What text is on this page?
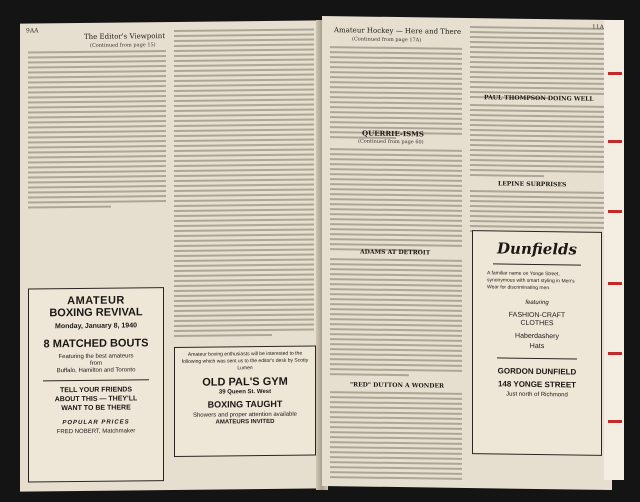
9AA
The Editor's Viewpoint
(Continued from page 15)
AMATEUR
BOXING REVIVAL
Monday, January 8, 1940
8 MATCHED BOUTS
Featuring the best amateurs
from
Buffalo, Hamilton and Toronto
TELL YOUR FRIENDS
ABOUT THIS — THEY'LL
WANT TO BE THERE
POPULAR PRICES
FRED NOBERT, Matchmaker
Amateur boxing enthusiasts will be interested to the following which was sent us to the editor's desk by Scotty Lumen
OLD PAL'S GYM
39 Queen St. West
BOXING TAUGHT
Showers and proper attention available
AMATEURS INVITED
Amateur Hockey — Here and There
(Continued from page 17A)
QUERRIE-ISMS
(Continued from page 60)
ADAMS AT DETROIT
"RED" DUTTON A WONDER
PAUL THOMPSON DOING WELL
LEPINE SURPRISES
Dunfields
A familiar name on Yonge Street, synonymous with smart styling in Men's Wear for discriminating men.
featuring
FASHION-CRAFT
CLOTHES
Haberdashery
Hats
GORDON DUNFIELD
148 YONGE STREET
Just north of Richmond
